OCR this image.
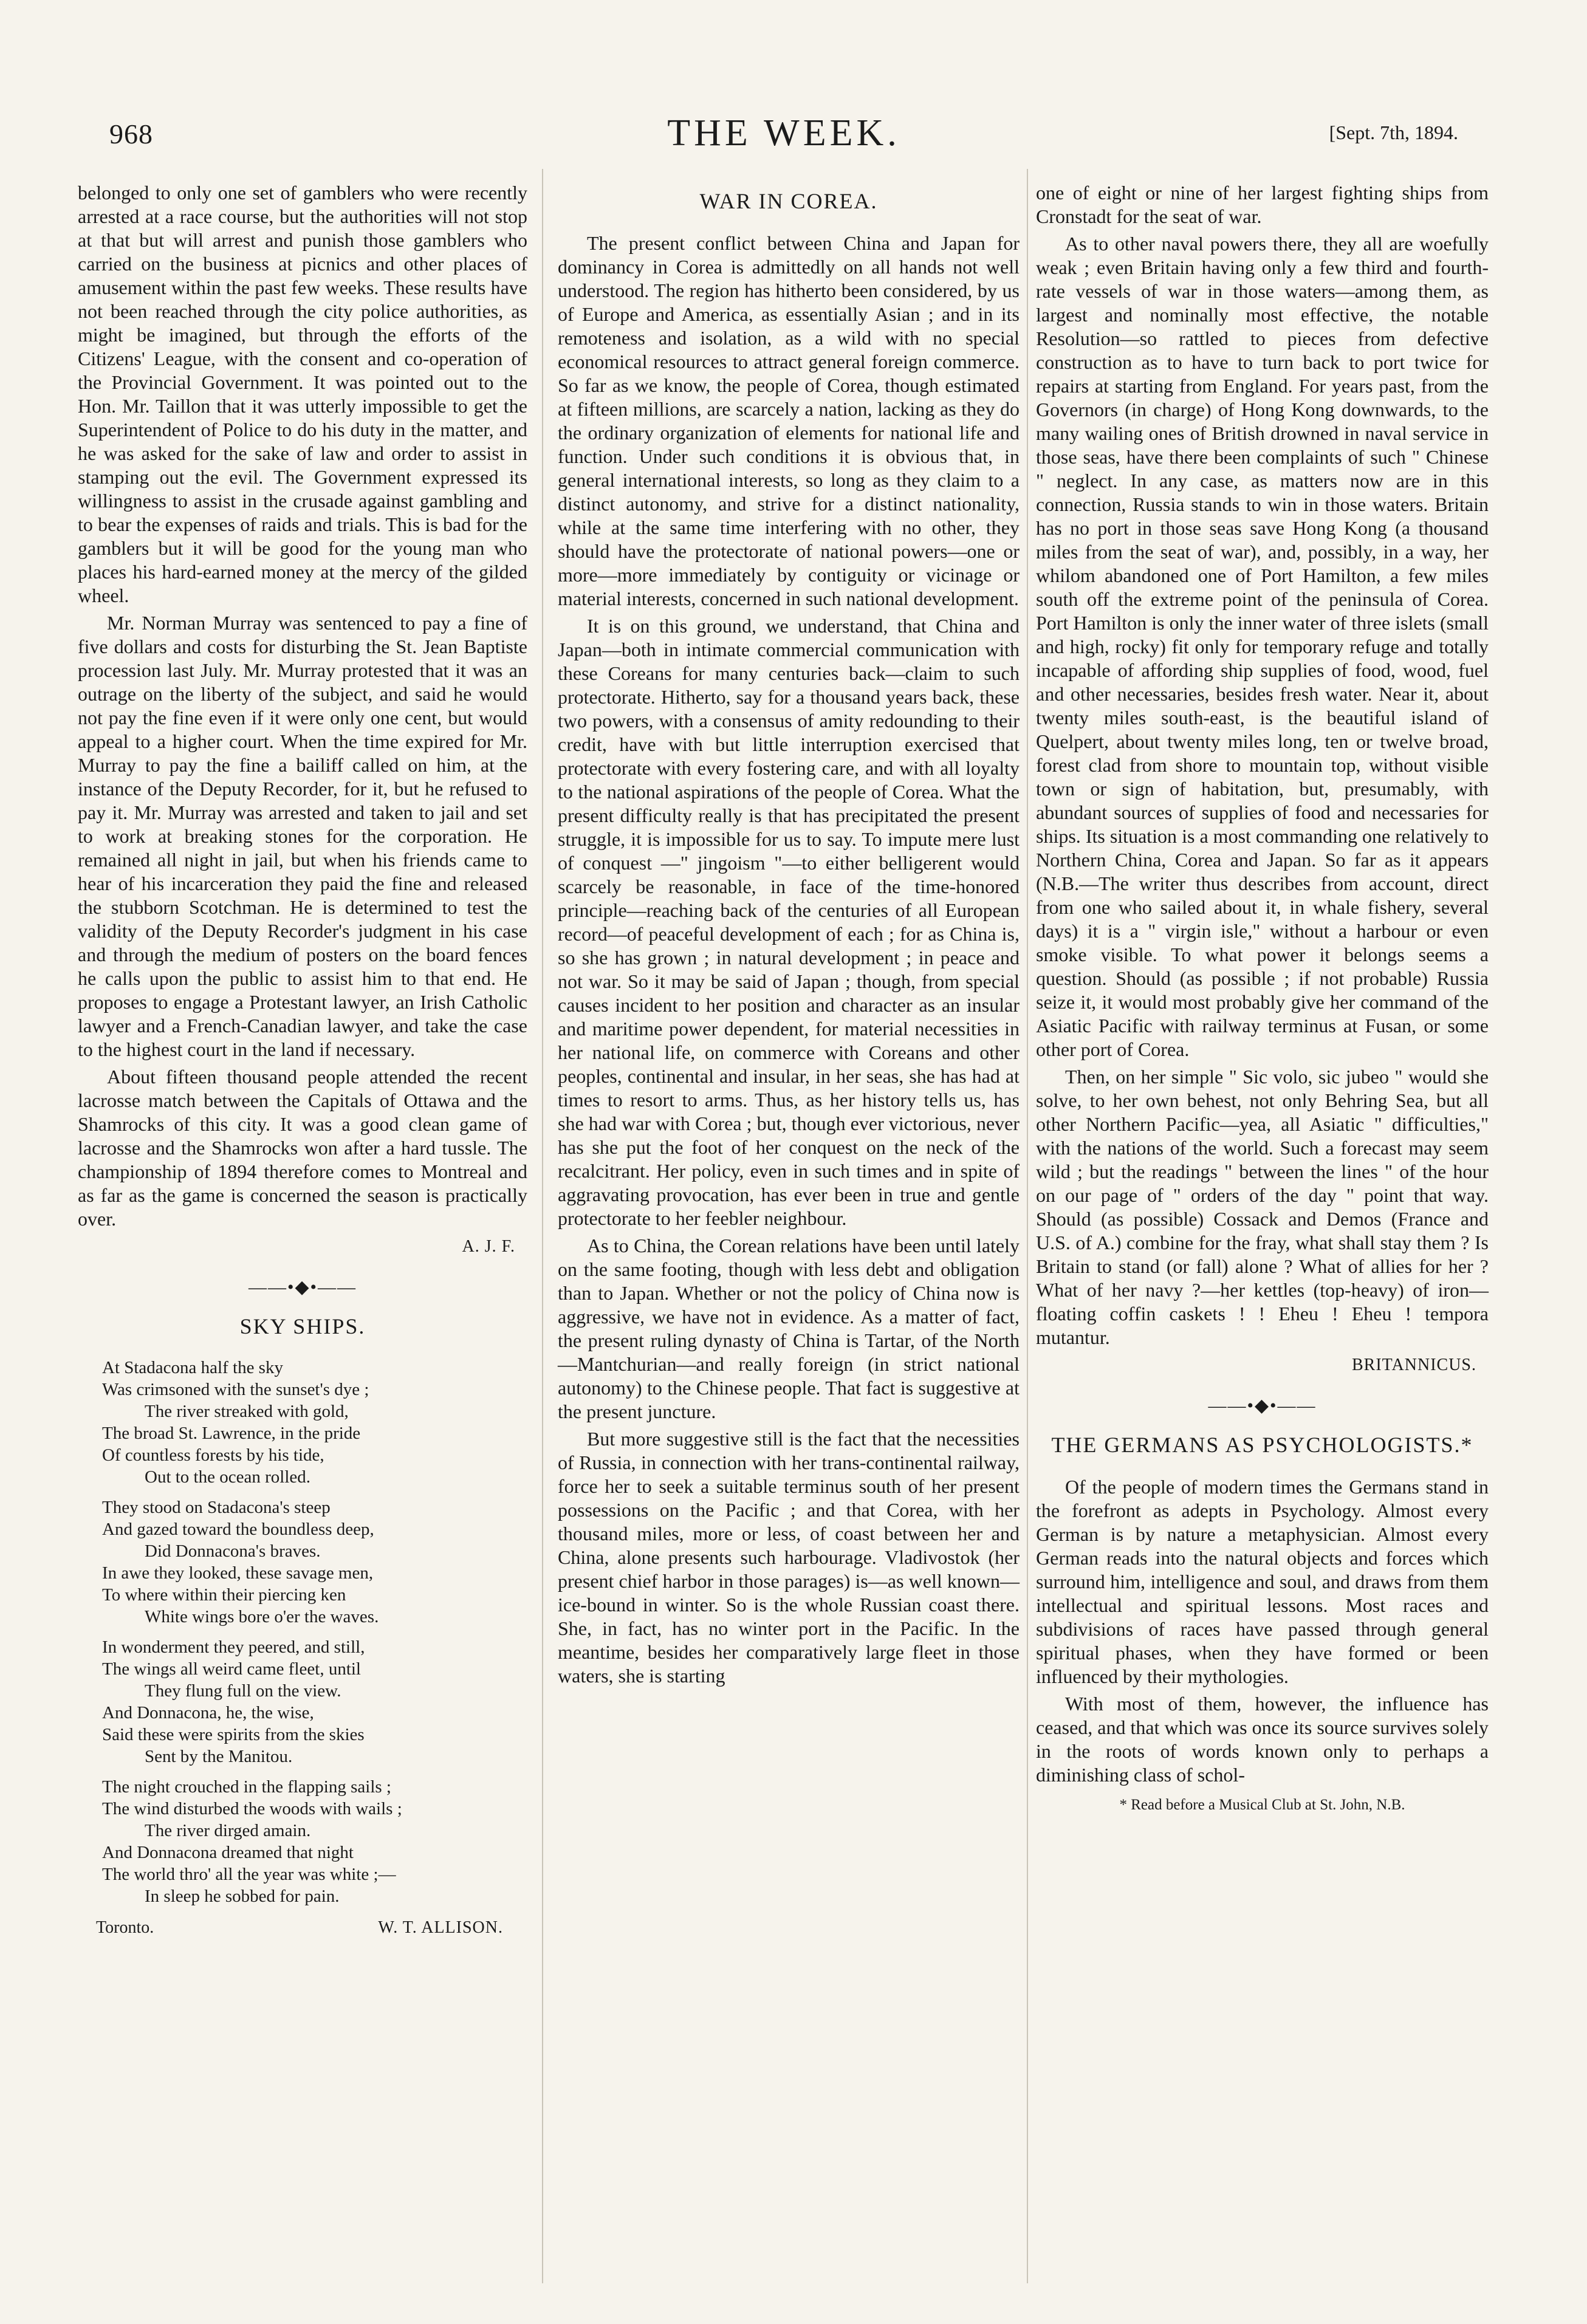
968	THE WEEK.	[Sept. 7th, 1894.

belonged to only one set of gamblers who were recently arrested at a race course, but the authorities will not stop at that but will arrest and punish those gamblers who carried on the business at picnics and other places of amusement within the past few weeks. These results have not been reached through the city police authorities, as might be imagined, but through the efforts of the Citizens' League, with the consent and co-operation of the Provincial Government. It was pointed out to the Hon. Mr. Taillon that it was utterly impossible to get the Superintendent of Police to do his duty in the matter, and he was asked for the sake of law and order to assist in stamping out the evil. The Government expressed its willingness to assist in the crusade against gambling and to bear the expenses of raids and trials. This is bad for the gamblers but it will be good for the young man who places his hard-earned money at the mercy of the gilded wheel.

Mr. Norman Murray was sentenced to pay a fine of five dollars and costs for disturbing the St. Jean Baptiste procession last July. Mr. Murray protested that it was an outrage on the liberty of the subject, and said he would not pay the fine even if it were only one cent, but would appeal to a higher court. When the time expired for Mr. Murray to pay the fine a bailiff called on him, at the instance of the Deputy Recorder, for it, but he refused to pay it. Mr. Murray was arrested and taken to jail and set to work at breaking stones for the corporation. He remained all night in jail, but when his friends came to hear of his incarceration they paid the fine and released the stubborn Scotchman. He is determined to test the validity of the Deputy Recorder's judgment in his case and through the medium of posters on the board fences he calls upon the public to assist him to that end. He proposes to engage a Protestant lawyer, an Irish Catholic lawyer and a French-Canadian lawyer, and take the case to the highest court in the land if necessary.

About fifteen thousand people attended the recent lacrosse match between the Capitals of Ottawa and the Shamrocks of this city. It was a good clean game of lacrosse and the Shamrocks won after a hard tussle. The championship of 1894 therefore comes to Montreal and as far as the game is concerned the season is practically over.

A. J. F.
——•◆•——
SKY SHIPS.
At Stadacona half the sky
Was crimsoned with the sunset's dye ;
The river streaked with gold,
The broad St. Lawrence, in the pride
Of countless forests by his tide,
Out to the ocean rolled.
They stood on Stadacona's steep
And gazed toward the boundless deep,
Did Donnacona's braves.
In awe they looked, these savage men,
To where within their piercing ken
White wings bore o'er the waves.
In wonderment they peered, and still,
The wings all weird came fleet, until
They flung full on the view.
And Donnacona, he, the wise,
Said these were spirits from the skies
Sent by the Manitou.
The night crouched in the flapping sails ;
The wind disturbed the woods with wails ;
The river dirged amain.
And Donnacona dreamed that night
The world thro' all the year was white ;—
In sleep he sobbed for pain.
Toronto.	W. T. ALLISON.
WAR IN COREA.

The present conflict between China and Japan for dominancy in Corea is admittedly on all hands not well understood. The region has hitherto been considered, by us of Europe and America, as essentially Asian ; and in its remoteness and isolation, as a wild with no special economical resources to attract general foreign commerce. So far as we know, the people of Corea, though estimated at fifteen millions, are scarcely a nation, lacking as they do the ordinary organization of elements for national life and function. Under such conditions it is obvious that, in general international interests, so long as they claim to a distinct autonomy, and strive for a distinct nationality, while at the same time interfering with no other, they should have the protectorate of national powers—one or more—more immediately by contiguity or vicinage or material interests, concerned in such national development.

It is on this ground, we understand, that China and Japan—both in intimate commercial communication with these Coreans for many centuries back—claim to such protectorate. Hitherto, say for a thousand years back, these two powers, with a consensus of amity redounding to their credit, have with but little interruption exercised that protectorate with every fostering care, and with all loyalty to the national aspirations of the people of Corea. What the present difficulty really is that has precipitated the present struggle, it is impossible for us to say. To impute mere lust of conquest —" jingoism "—to either belligerent would scarcely be reasonable, in face of the time-honored principle—reaching back of the centuries of all European record—of peaceful development of each ; for as China is, so she has grown ; in natural development ; in peace and not war. So it may be said of Japan ; though, from special causes incident to her position and character as an insular and maritime power dependent, for material necessities in her national life, on commerce with Coreans and other peoples, continental and insular, in her seas, she has had at times to resort to arms. Thus, as her history tells us, has she had war with Corea ; but, though ever victorious, never has she put the foot of her conquest on the neck of the recalcitrant. Her policy, even in such times and in spite of aggravating provocation, has ever been in true and gentle protectorate to her feebler neighbour.

As to China, the Corean relations have been until lately on the same footing, though with less debt and obligation than to Japan. Whether or not the policy of China now is aggressive, we have not in evidence. As a matter of fact, the present ruling dynasty of China is Tartar, of the North—Mantchurian—and really foreign (in strict national autonomy) to the Chinese people. That fact is suggestive at the present juncture.

But more suggestive still is the fact that the necessities of Russia, in connection with her trans-continental railway, force her to seek a suitable terminus south of her present possessions on the Pacific ; and that Corea, with her thousand miles, more or less, of coast between her and China, alone presents such harbourage. Vladivostok (her present chief harbor in those parages) is—as well known—ice-bound in winter. So is the whole Russian coast there. She, in fact, has no winter port in the Pacific. In the meantime, besides her comparatively large fleet in those waters, she is starting

one of eight or nine of her largest fighting ships from Cronstadt for the seat of war.

As to other naval powers there, they all are woefully weak ; even Britain having only a few third and fourth-rate vessels of war in those waters—among them, as largest and nominally most effective, the notable Resolution—so rattled to pieces from defective construction as to have to turn back to port twice for repairs at starting from England. For years past, from the Governors (in charge) of Hong Kong downwards, to the many wailing ones of British drowned in naval service in those seas, have there been complaints of such " Chinese " neglect. In any case, as matters now are in this connection, Russia stands to win in those waters. Britain has no port in those seas save Hong Kong (a thousand miles from the seat of war), and, possibly, in a way, her whilom abandoned one of Port Hamilton, a few miles south off the extreme point of the peninsula of Corea. Port Hamilton is only the inner water of three islets (small and high, rocky) fit only for temporary refuge and totally incapable of affording ship supplies of food, wood, fuel and other necessaries, besides fresh water. Near it, about twenty miles south-east, is the beautiful island of Quelpert, about twenty miles long, ten or twelve broad, forest clad from shore to mountain top, without visible town or sign of habitation, but, presumably, with abundant sources of supplies of food and necessaries for ships. Its situation is a most commanding one relatively to Northern China, Corea and Japan. So far as it appears (N.B.—The writer thus describes from account, direct from one who sailed about it, in whale fishery, several days) it is a " virgin isle," without a harbour or even smoke visible. To what power it belongs seems a question. Should (as possible ; if not probable) Russia seize it, it would most probably give her command of the Asiatic Pacific with railway terminus at Fusan, or some other port of Corea.

Then, on her simple " Sic volo, sic jubeo " would she solve, to her own behest, not only Behring Sea, but all other Northern Pacific—yea, all Asiatic " difficulties," with the nations of the world. Such a forecast may seem wild ; but the readings " between the lines " of the hour on our page of " orders of the day " point that way. Should (as possible) Cossack and Demos (France and U.S. of A.) combine for the fray, what shall stay them ? Is Britain to stand (or fall) alone ? What of allies for her ? What of her navy ?—her kettles (top-heavy) of iron—floating coffin caskets ! ! Eheu ! Eheu ! tempora mutantur.

BRITANNICUS.
——•◆•——
THE GERMANS AS PSYCHOLOGISTS.*

Of the people of modern times the Germans stand in the forefront as adepts in Psychology. Almost every German is by nature a metaphysician. Almost every German reads into the natural objects and forces which surround him, intelligence and soul, and draws from them intellectual and spiritual lessons. Most races and subdivisions of races have passed through general spiritual phases, when they have formed or been influenced by their mythologies.

With most of them, however, the influence has ceased, and that which was once its source survives solely in the roots of words known only to perhaps a diminishing class of schol-

* Read before a Musical Club at St. John, N.B.
